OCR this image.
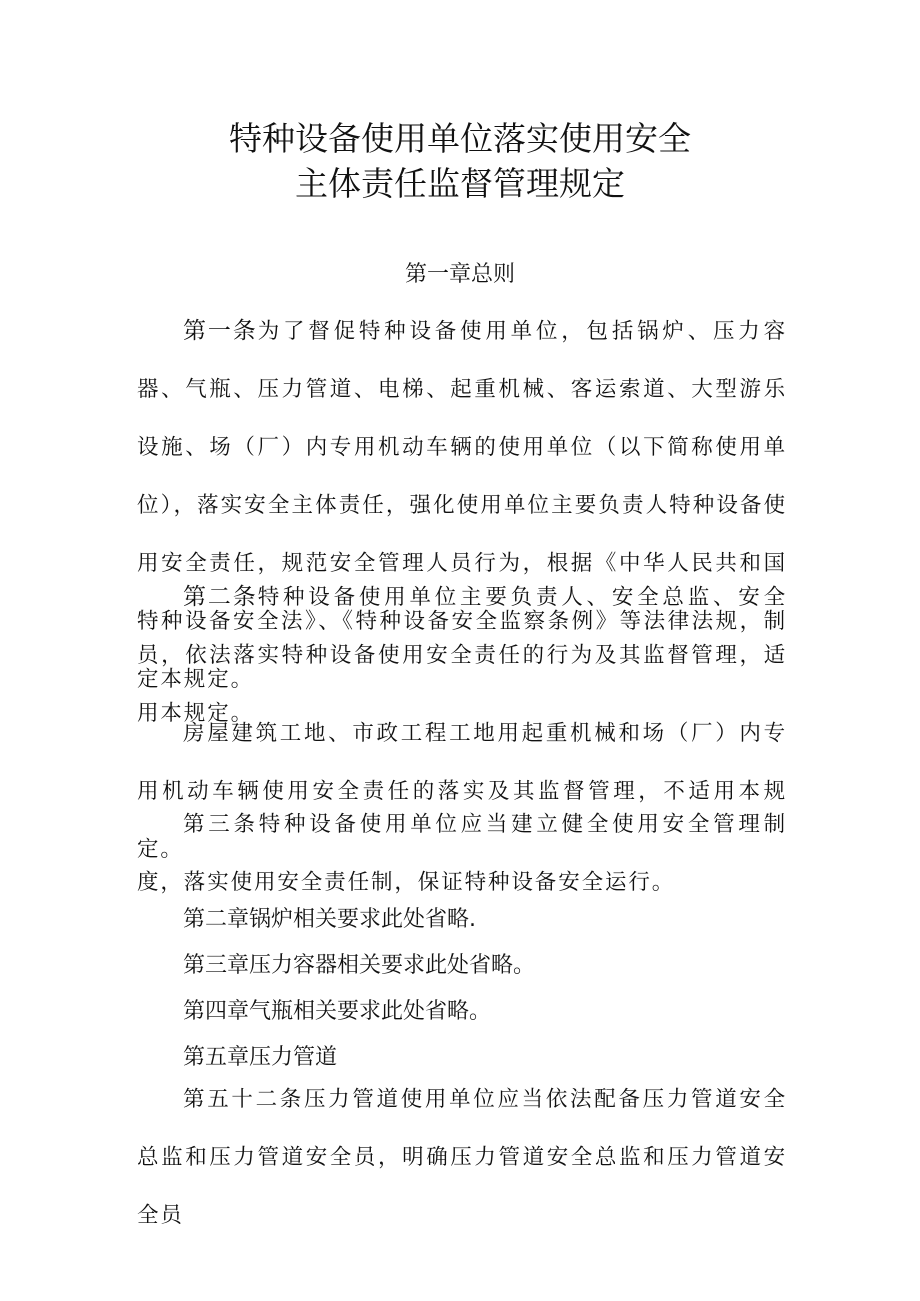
特种设备使用单位落实使用安全
主体责任监督管理规定
第一章总则

第一条为了督促特种设备使用单位，包括锅炉、压力容器、气瓶、压力管道、电梯、起重机械、客运索道、大型游乐设施、场（厂）内专用机动车辆的使用单位（以下简称使用单位），落实安全主体责任，强化使用单位主要负责人特种设备使用安全责任，规范安全管理人员行为，根据《中华人民共和国特种设备安全法》、《特种设备安全监察条例》等法律法规，制定本规定。

第二条特种设备使用单位主要负责人、安全总监、安全员，依法落实特种设备使用安全责任的行为及其监督管理，适用本规定。

房屋建筑工地、市政工程工地用起重机械和场（厂）内专用机动车辆使用安全责任的落实及其监督管理，不适用本规定。

第三条特种设备使用单位应当建立健全使用安全管理制度，落实使用安全责任制，保证特种设备安全运行。

第二章锅炉相关要求此处省略.
第三章压力容器相关要求此处省略。
第四章气瓶相关要求此处省略。
第五章压力管道

第五十二条压力管道使用单位应当依法配备压力管道安全总监和压力管道安全员，明确压力管道安全总监和压力管道安全员
